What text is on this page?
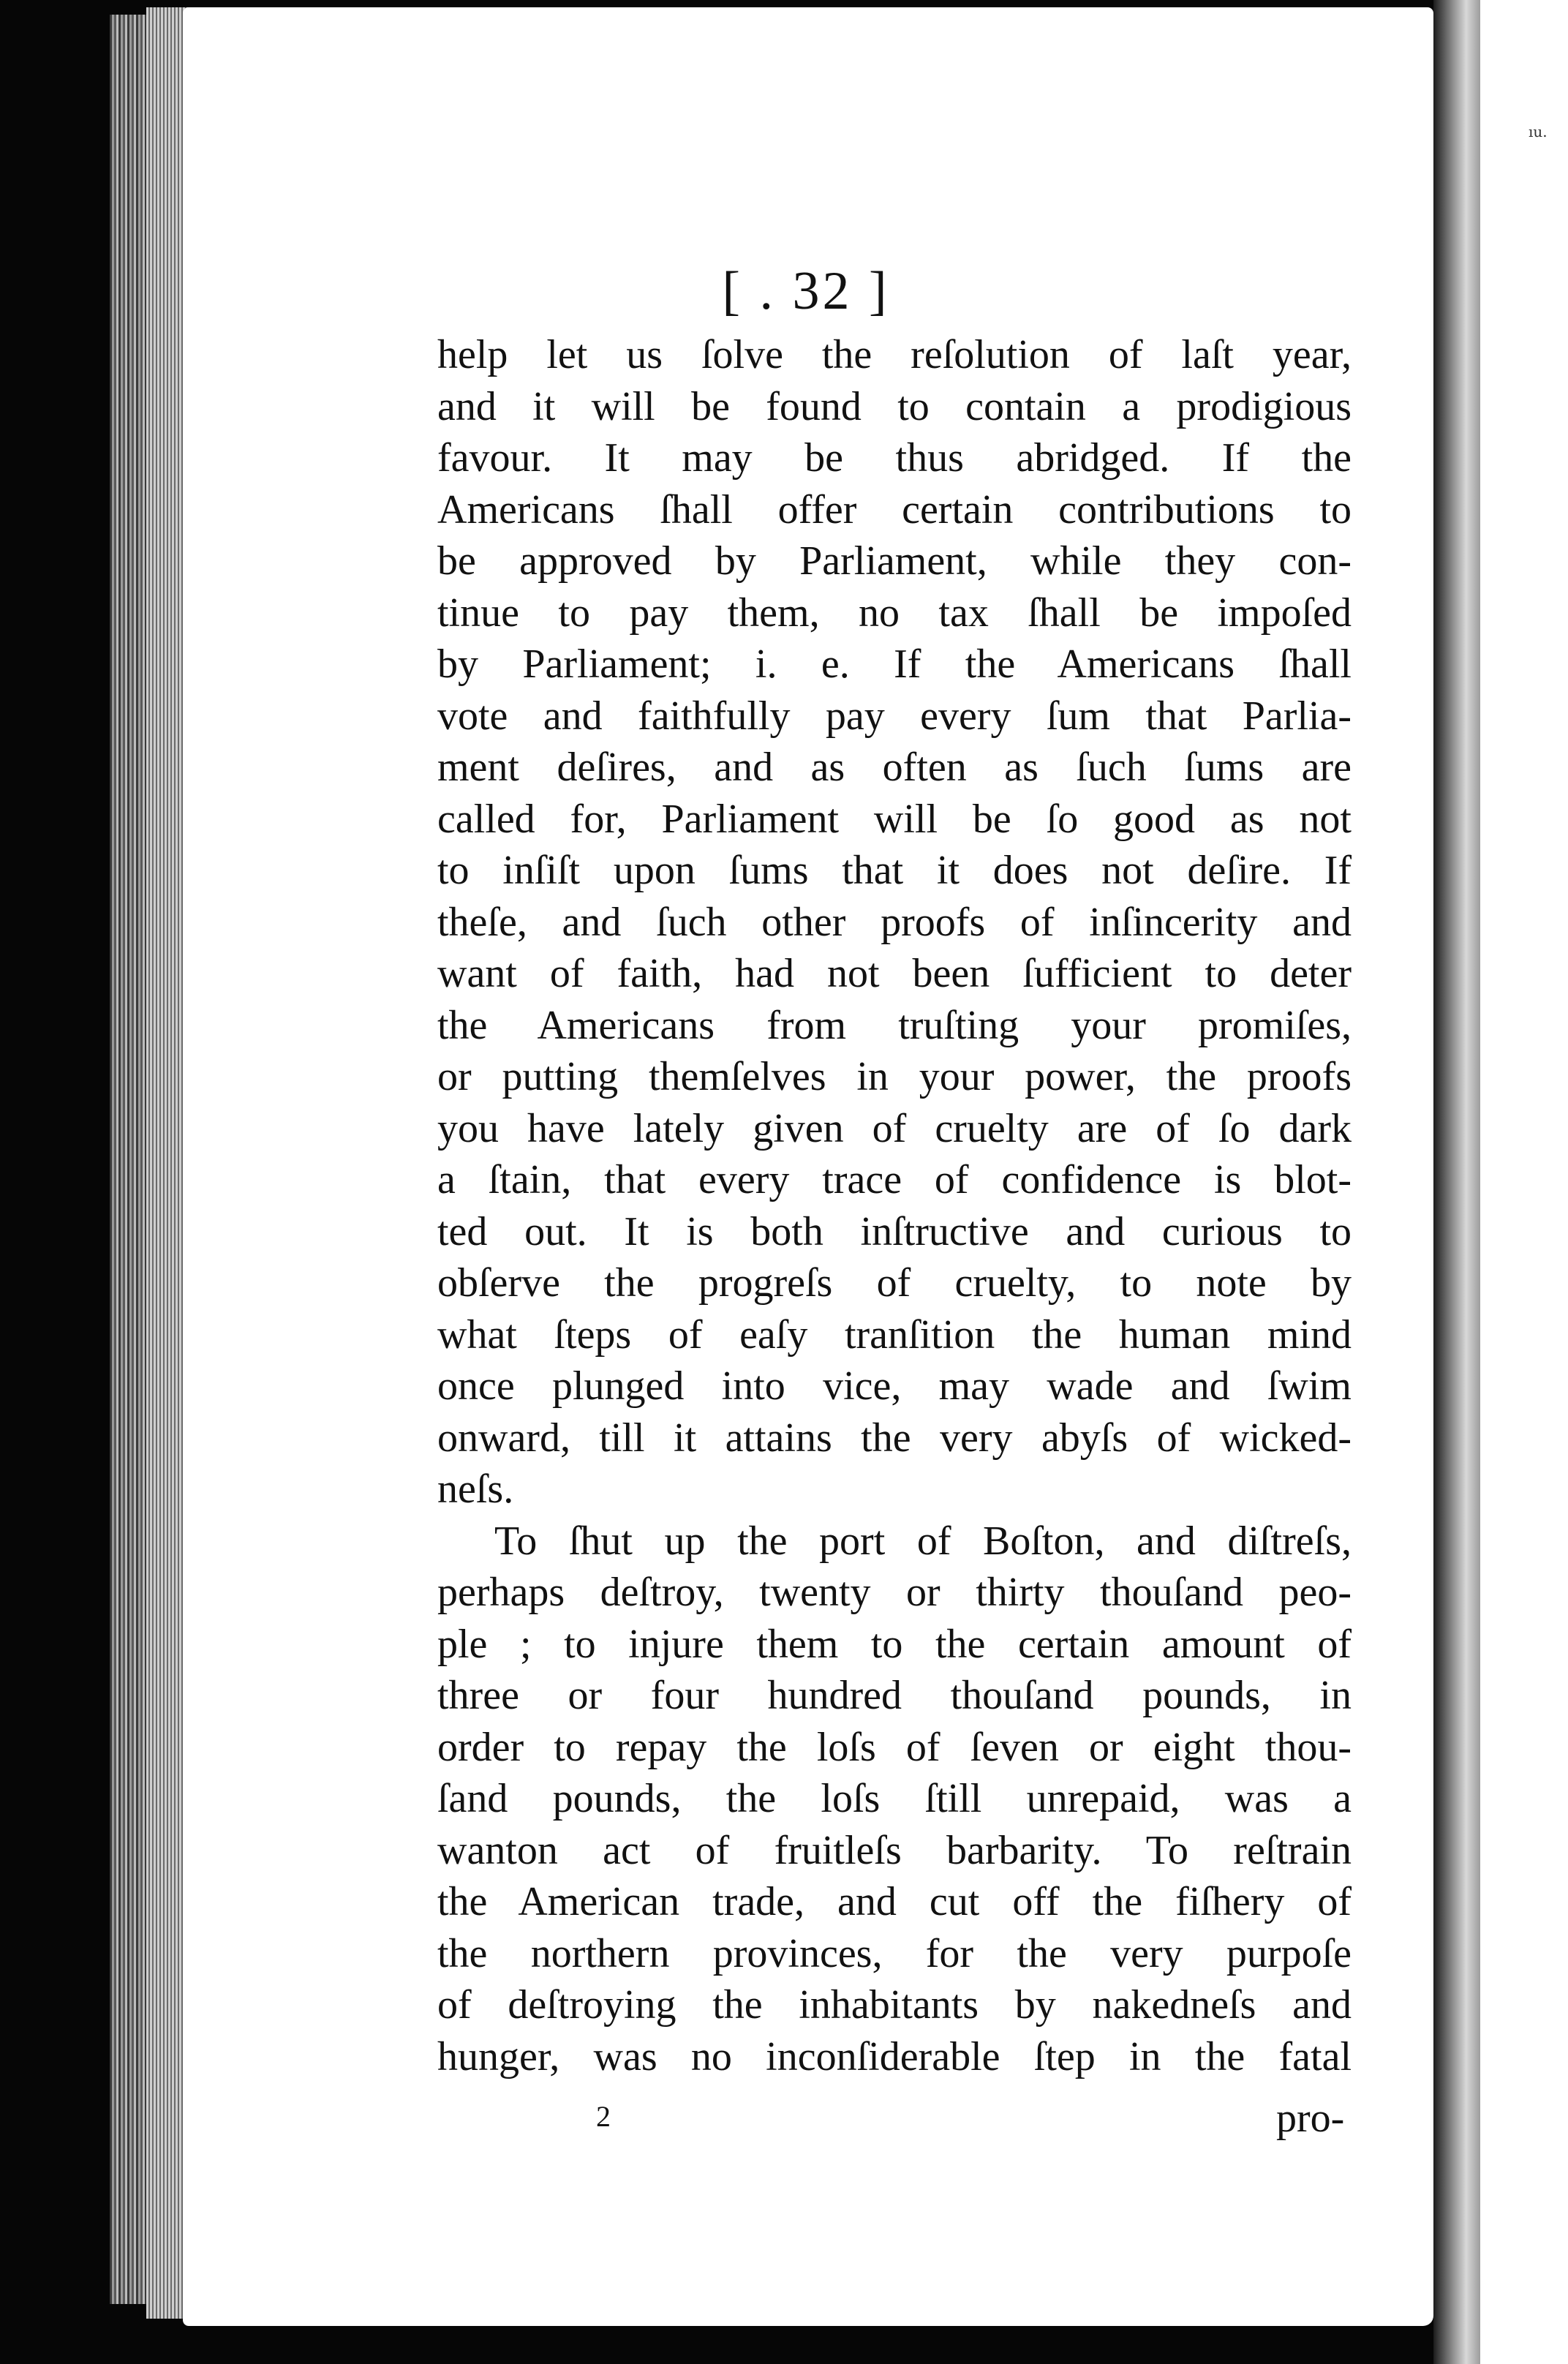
ıu.
[ . 32 ]
help let us ſolve the reſolution of laſt year,
and it will be found to contain a prodigious
favour. It may be thus abridged. If the
Americans ſhall offer certain contributions to
be approved by Parliament, while they con-
tinue to pay them, no tax ſhall be impoſed
by Parliament; i. e. If the Americans ſhall
vote and faithfully pay every ſum that Parlia-
ment deſires, and as often as ſuch ſums are
called for, Parliament will be ſo good as not
to inſiſt upon ſums that it does not deſire. If
theſe, and ſuch other proofs of inſincerity and
want of faith, had not been ſufficient to deter
the Americans from truſting your promiſes,
or putting themſelves in your power, the proofs
you have lately given of cruelty are of ſo dark
a ſtain, that every trace of confidence is blot-
ted out. It is both inſtructive and curious to
obſerve the progreſs of cruelty, to note by
what ſteps of eaſy tranſition the human mind
once plunged into vice, may wade and ſwim
onward, till it attains the very abyſs of wicked-
neſs.
To ſhut up the port of Boſton, and diſtreſs,
perhaps deſtroy, twenty or thirty thouſand peo-
ple ; to injure them to the certain amount of
three or four hundred thouſand pounds, in
order to repay the loſs of ſeven or eight thou-
ſand pounds, the loſs ſtill unrepaid, was a
wanton act of fruitleſs barbarity. To reſtrain
the American trade, and cut off the fiſhery of
the northern provinces, for the very purpoſe
of deſtroying the inhabitants by nakedneſs and
hunger, was no inconſiderable ſtep in the fatal
2	pro-
